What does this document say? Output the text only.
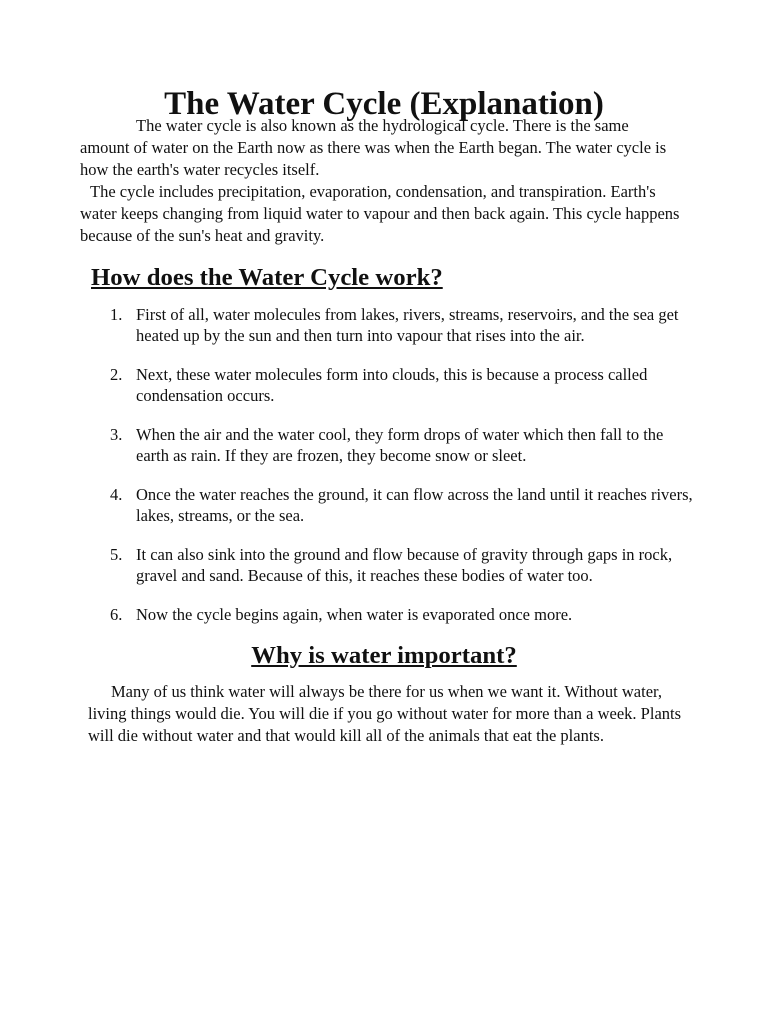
The Water Cycle (Explanation)

The water cycle is also known as the hydrological cycle. There is the same amount of water on the Earth now as there was when the Earth began. The water cycle is how the earth's water recycles itself.

The cycle includes precipitation, evaporation, condensation, and transpiration. Earth's water keeps changing from liquid water to vapour and then back again. This cycle happens because of the sun's heat and gravity.

How does the Water Cycle work?
1. First of all, water molecules from lakes, rivers, streams, reservoirs, and the sea get heated up by the sun and then turn into vapour that rises into the air.
2. Next, these water molecules form into clouds, this is because a process called condensation occurs.
3. When the air and the water cool, they form drops of water which then fall to the earth as rain. If they are frozen, they become snow or sleet.
4. Once the water reaches the ground, it can flow across the land until it reaches rivers, lakes, streams, or the sea.
5. It can also sink into the ground and flow because of gravity through gaps in rock, gravel and sand. Because of this, it reaches these bodies of water too.
6. Now the cycle begins again, when water is evaporated once more.
Why is water important?

Many of us think water will always be there for us when we want it. Without water, living things would die. You will die if you go without water for more than a week. Plants will die without water and that would kill all of the animals that eat the plants.
